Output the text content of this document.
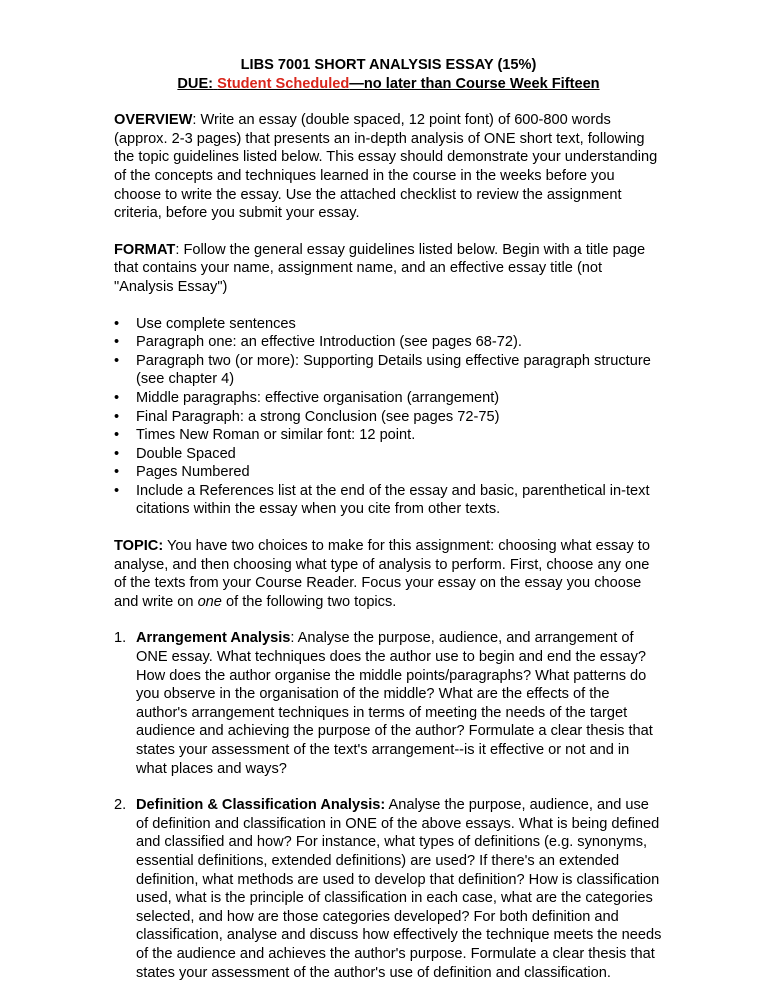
LIBS 7001 SHORT ANALYSIS ESSAY (15%)
DUE: Student Scheduled—no later than Course Week Fifteen

OVERVIEW: Write an essay (double spaced, 12 point font) of 600-800 words (approx. 2-3 pages) that presents an in-depth analysis of ONE short text, following the topic guidelines listed below. This essay should demonstrate your understanding of the concepts and techniques learned in the course in the weeks before you choose to write the essay. Use the attached checklist to review the assignment criteria, before you submit your essay.

FORMAT: Follow the general essay guidelines listed below. Begin with a title page that contains your name, assignment name, and an effective essay title (not "Analysis Essay")

•	Use complete sentences
•	Paragraph one: an effective Introduction (see pages 68-72).
•	Paragraph two (or more): Supporting Details using effective paragraph structure (see chapter 4)
•	Middle paragraphs: effective organisation (arrangement)
•	Final Paragraph: a strong Conclusion (see pages 72-75)
•	Times New Roman or similar font: 12 point.
•	Double Spaced
•	Pages Numbered
•	Include a References list at the end of the essay and basic, parenthetical in-text citations within the essay when you cite from other texts.

TOPIC: You have two choices to make for this assignment: choosing what essay to analyse, and then choosing what type of analysis to perform. First, choose any one of the texts from your Course Reader. Focus your essay on the essay you choose and write on one of the following two topics.

1. Arrangement Analysis: Analyse the purpose, audience, and arrangement of ONE essay. What techniques does the author use to begin and end the essay? How does the author organise the middle points/paragraphs? What patterns do you observe in the organisation of the middle? What are the effects of the author's arrangement techniques in terms of meeting the needs of the target audience and achieving the purpose of the author? Formulate a clear thesis that states your assessment of the text's arrangement--is it effective or not and in what places and ways?
2. Definition & Classification Analysis: Analyse the purpose, audience, and use of definition and classification in ONE of the above essays. What is being defined and classified and how? For instance, what types of definitions (e.g. synonyms, essential definitions, extended definitions) are used? If there's an extended definition, what methods are used to develop that definition? How is classification used, what is the principle of classification in each case, what are the categories selected, and how are those categories developed? For both definition and classification, analyse and discuss how effectively the technique meets the needs of the audience and achieves the author's purpose. Formulate a clear thesis that states your assessment of the author's use of definition and classification.
